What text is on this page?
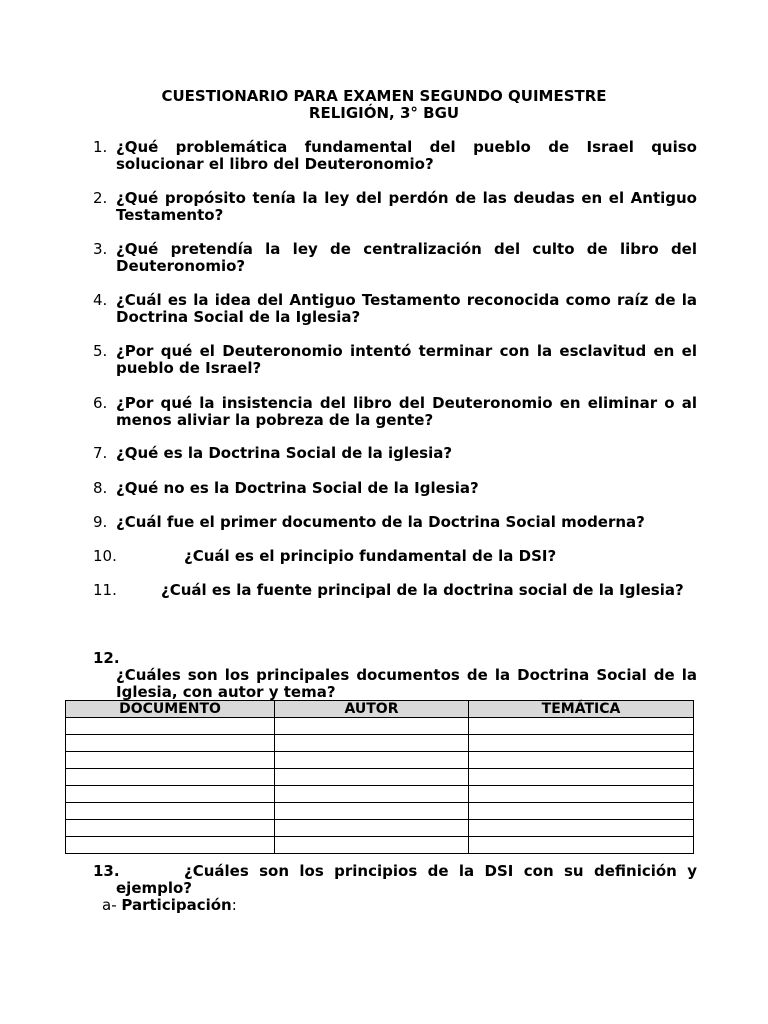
CUESTIONARIO PARA EXAMEN SEGUNDO QUIMESTRE
RELIGIÓN, 3° BGU
1. ¿Qué problemática fundamental del pueblo de Israel quiso solucionar el libro del Deuteronomio?
2. ¿Qué propósito tenía la ley del perdón de las deudas en el Antiguo Testamento?
3. ¿Qué pretendía la ley de centralización del culto de libro del Deuteronomio?
4. ¿Cuál es la idea del Antiguo Testamento reconocida como raíz de la Doctrina Social de la Iglesia?
5. ¿Por qué el Deuteronomio intentó terminar con la esclavitud en el pueblo de Israel?
6. ¿Por qué la insistencia del libro del Deuteronomio en eliminar o al menos aliviar la pobreza de la gente?
7. ¿Qué es la Doctrina Social de la iglesia?
8. ¿Qué no es la Doctrina Social de la Iglesia?
9. ¿Cuál fue el primer documento de la Doctrina Social moderna?
10.	¿Cuál es el principio fundamental de la DSI?
11.	¿Cuál es la fuente principal de la doctrina social de la Iglesia?
12.
¿Cuáles son los principales documentos de la Doctrina Social de la Iglesia, con autor y tema?
DOCUMENTO	AUTOR	TEMÁTICA

13.	¿Cuáles son los principios de la DSI con su definición y ejemplo?
a- Participación:
